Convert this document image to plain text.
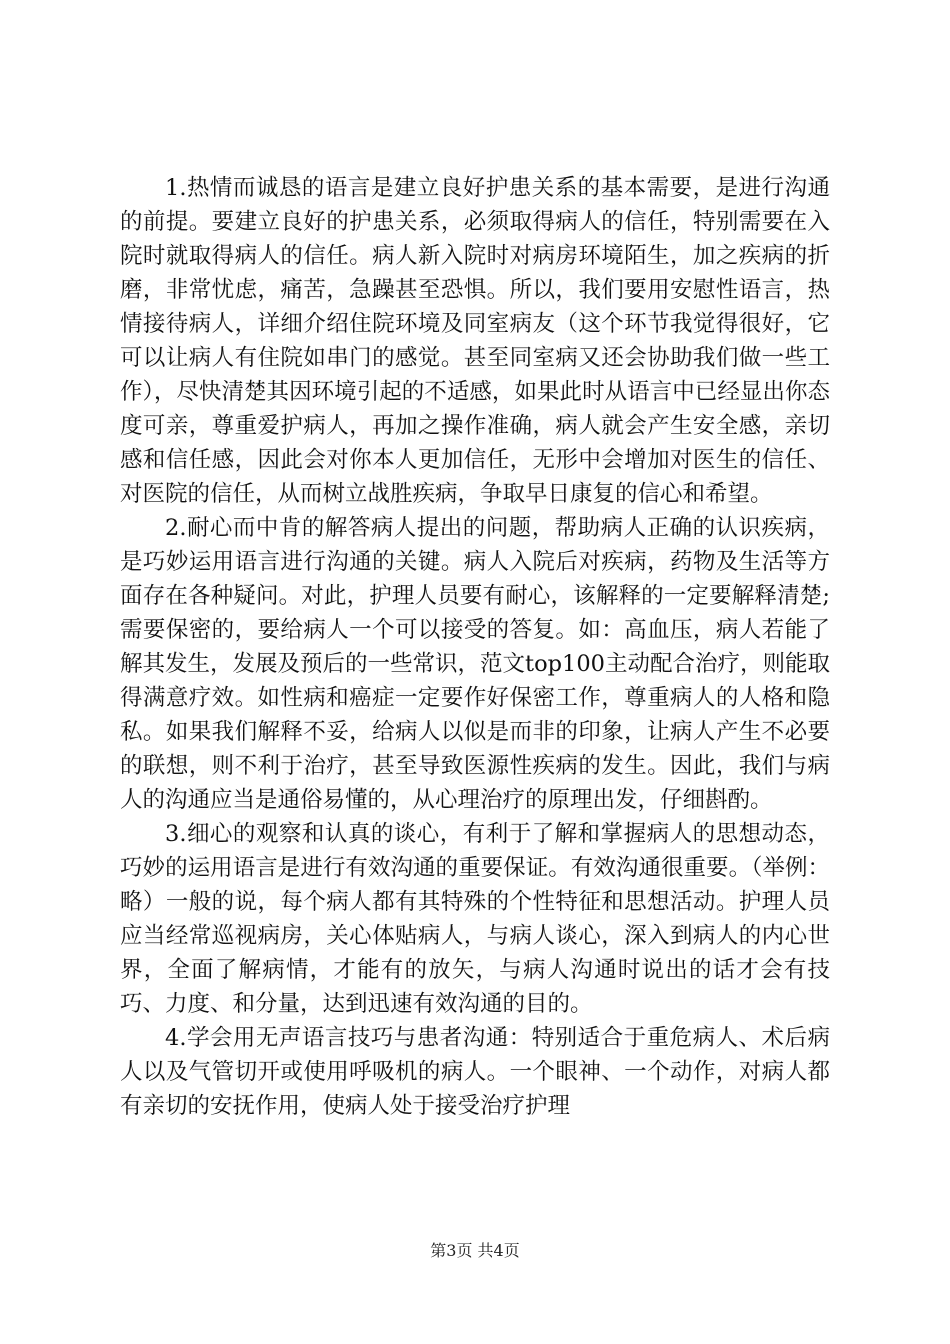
1.热情而诚恳的语言是建立良好护患关系的基本需要，是进行沟通的前提。要建立良好的护患关系，必须取得病人的信任，特别需要在入院时就取得病人的信任。病人新入院时对病房环境陌生，加之疾病的折磨，非常忧虑，痛苦，急躁甚至恐惧。所以，我们要用安慰性语言，热情接待病人，详细介绍住院环境及同室病友（这个环节我觉得很好，它可以让病人有住院如串门的感觉。甚至同室病又还会协助我们做一些工作），尽快清楚其因环境引起的不适感，如果此时从语言中已经显出你态度可亲，尊重爱护病人，再加之操作准确，病人就会产生安全感，亲切感和信任感，因此会对你本人更加信任，无形中会增加对医生的信任、对医院的信任，从而树立战胜疾病，争取早日康复的信心和希望。

2.耐心而中肯的解答病人提出的问题，帮助病人正确的认识疾病，是巧妙运用语言进行沟通的关键。病人入院后对疾病，药物及生活等方面存在各种疑问。对此，护理人员要有耐心，该解释的一定要解释清楚;需要保密的，要给病人一个可以接受的答复。如：高血压，病人若能了解其发生，发展及预后的一些常识，范文top100主动配合治疗，则能取得满意疗效。如性病和癌症一定要作好保密工作，尊重病人的人格和隐私。如果我们解释不妥，给病人以似是而非的印象，让病人产生不必要的联想，则不利于治疗，甚至导致医源性疾病的发生。因此，我们与病人的沟通应当是通俗易懂的，从心理治疗的原理出发，仔细斟酌。

3.细心的观察和认真的谈心，有利于了解和掌握病人的思想动态，巧妙的运用语言是进行有效沟通的重要保证。有效沟通很重要。（举例：略）一般的说，每个病人都有其特殊的个性特征和思想活动。护理人员应当经常巡视病房，关心体贴病人，与病人谈心，深入到病人的内心世界，全面了解病情，才能有的放矢，与病人沟通时说出的话才会有技巧、力度、和分量，达到迅速有效沟通的目的。

4.学会用无声语言技巧与患者沟通：特别适合于重危病人、术后病人以及气管切开或使用呼吸机的病人。一个眼神、一个动作，对病人都有亲切的安抚作用，使病人处于接受治疗护理

第3页 共4页
